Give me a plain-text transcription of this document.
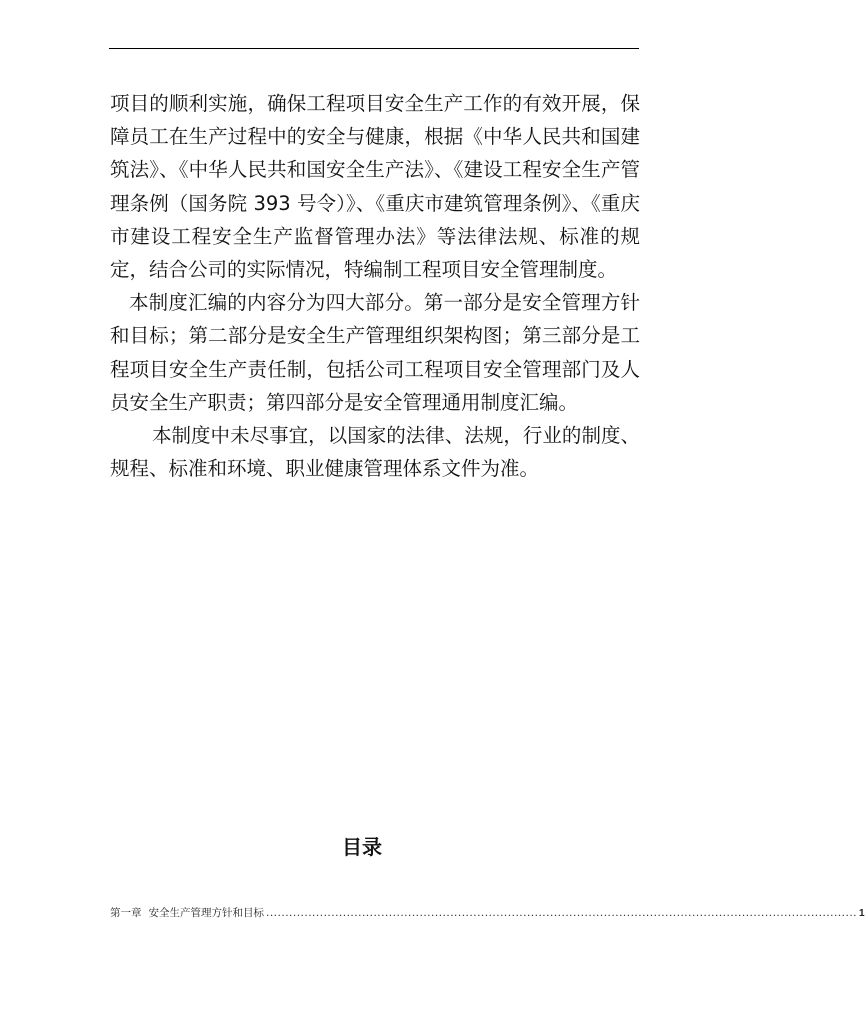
项目的顺利实施，确保工程项目安全生产工作的有效开展，保障员工在生产过程中的安全与健康，根据《中华人民共和国建筑法》、《中华人民共和国安全生产法》、《建设工程安全生产管理条例（国务院 393 号令）》、《重庆市建筑管理条例》、《重庆市建设工程安全生产监督管理办法》等法律法规、标准的规定，结合公司的实际情况，特编制工程项目安全管理制度。

本制度汇编的内容分为四大部分。第一部分是安全管理方针和目标；第二部分是安全生产管理组织架构图；第三部分是工程项目安全生产责任制，包括公司工程项目安全管理部门及人员安全生产职责；第四部分是安全管理通用制度汇编。

本制度中未尽事宜，以国家的法律、法规，行业的制度、规程、标准和环境、职业健康管理体系文件为准。

目录
第一章 安全生产管理方针和目标 .......................................................................................................................................................... 1
